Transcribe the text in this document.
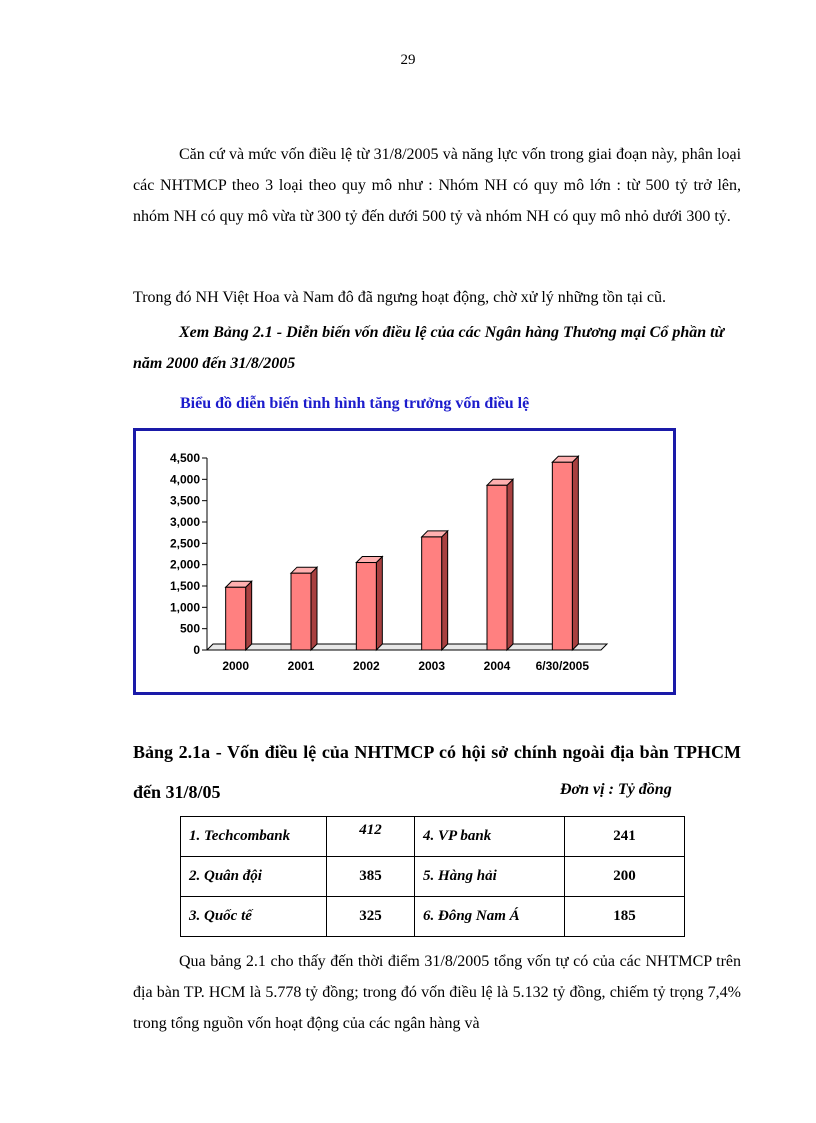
29

Căn cứ và mức vốn điều lệ từ 31/8/2005 và năng lực vốn trong giai đoạn này, phân loại các NHTMCP theo 3 loại theo quy mô như : Nhóm NH có quy mô lớn : từ 500 tỷ trở lên, nhóm NH có quy mô vừa từ 300 tỷ đến dưới 500 tỷ và nhóm NH có quy mô nhỏ dưới 300 tỷ.

Trong đó NH Việt Hoa và Nam đô đã ngưng hoạt động, chờ xử lý những tồn tại cũ.

Xem Bảng 2.1 - Diễn biến vốn điều lệ của các Ngân hàng Thương mại Cổ phần từ năm 2000 đến 31/8/2005

Biểu đồ diễn biến tình hình tăng trưởng vốn điều lệ
0
500
1,000
1,500
2,000
2,500
3,000
3,500
4,000
4,500
2000	2001	2002	2003	2004 6/30/2005

Bảng 2.1a - Vốn điều lệ của NHTMCP có hội sở chính ngoài địa bàn TPHCM đến 31/8/05	Đơn vị : Tỷ đồng
1. Techcombank	412	4. VP bank	241
2. Quân đội	385	5. Hàng hải	200
3. Quốc tế	325	6. Đông Nam Á	185

Qua bảng 2.1 cho thấy đến thời điểm 31/8/2005 tổng vốn tự có của các NHTMCP trên địa bàn TP. HCM là 5.778 tỷ đồng; trong đó vốn điều lệ là 5.132 tỷ đồng, chiếm tỷ trọng 7,4% trong tổng nguồn vốn hoạt động của các ngân hàng và
